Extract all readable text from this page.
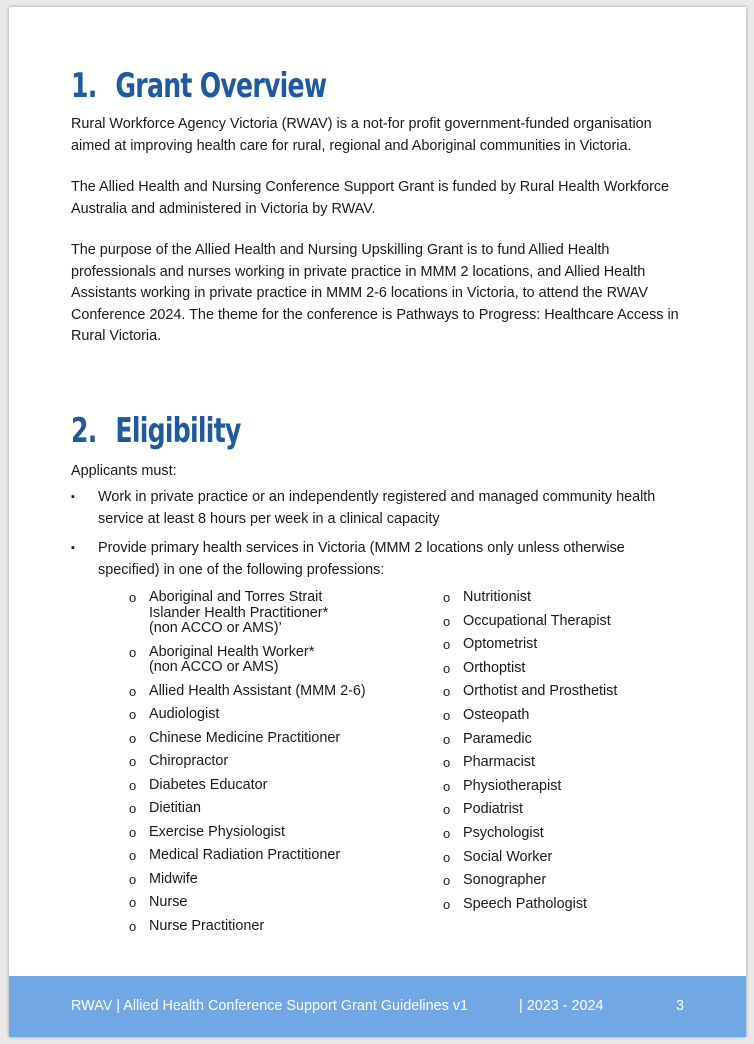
1. Grant Overview

Rural Workforce Agency Victoria (RWAV) is a not-for profit government-funded organisation aimed at improving health care for rural, regional and Aboriginal communities in Victoria.

The Allied Health and Nursing Conference Support Grant is funded by Rural Health Workforce Australia and administered in Victoria by RWAV.

The purpose of the Allied Health and Nursing Upskilling Grant is to fund Allied Health professionals and nurses working in private practice in MMM 2 locations, and Allied Health Assistants working in private practice in MMM 2-6 locations in Victoria, to attend the RWAV Conference 2024. The theme for the conference is Pathways to Progress: Healthcare Access in Rural Victoria.

2. Eligibility

Applicants must:

▪ Work in private practice or an independently registered and managed community health service at least 8 hours per week in a clinical capacity
▪ Provide primary health services in Victoria (MMM 2 locations only unless otherwise specified) in one of the following professions:
o Aboriginal and Torres Strait
Islander Health Practitioner*
(non ACCO or AMS)’
o Aboriginal Health Worker*
(non ACCO or AMS)
o Allied Health Assistant (MMM 2-6)
o Audiologist
o Chinese Medicine Practitioner
o Chiropractor
o Diabetes Educator
o Dietitian
o Exercise Physiologist
o Medical Radiation Practitioner
o Midwife
o Nurse
o Nurse Practitioner
o Nutritionist
o Occupational Therapist
o Optometrist
o Orthoptist
o Orthotist and Prosthetist
o Osteopath
o Paramedic
o Pharmacist
o Physiotherapist
o Podiatrist
o Psychologist
o Social Worker
o Sonographer
o Speech Pathologist
RWAV | Allied Health Conference Support Grant Guidelines v1	| 2023 - 2024	3
